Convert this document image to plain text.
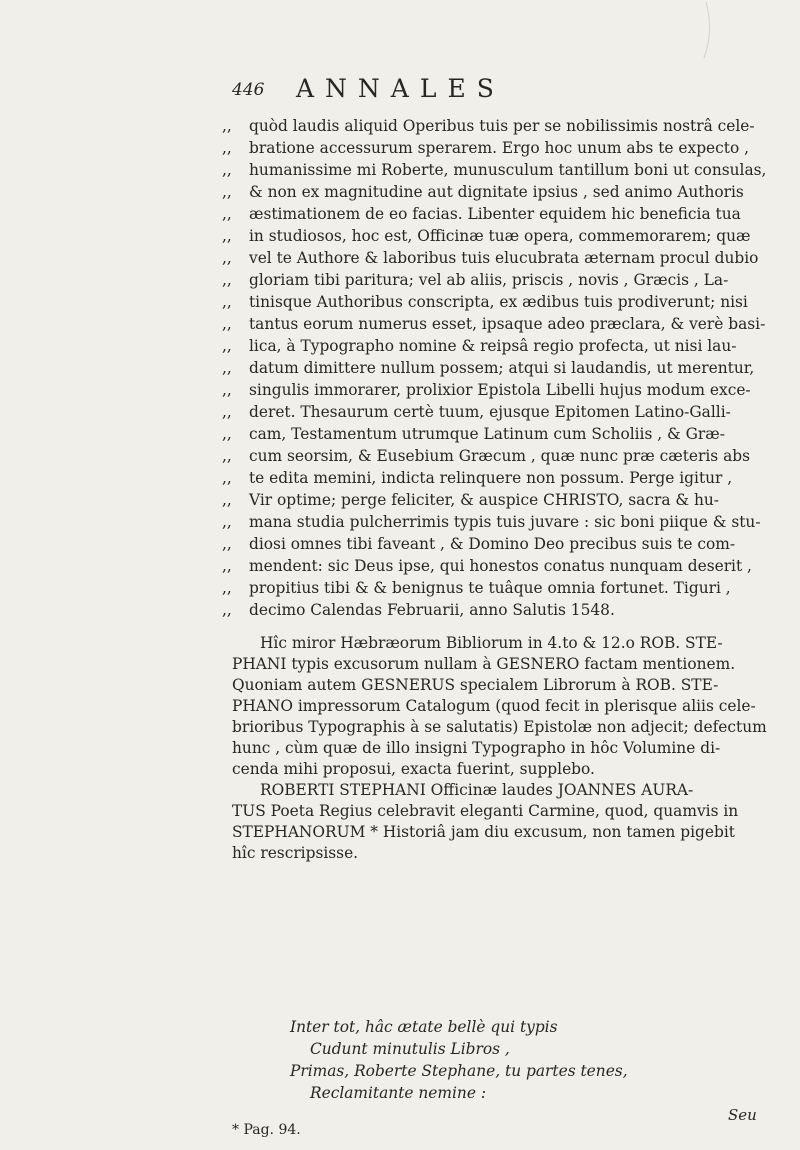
446 ANNALES
,,	quòd laudis aliquid Operibus tuis per se nobilissimis nostrâ cele-
,,	bratione accessurum sperarem. Ergo hoc unum abs te expecto ,
,,	humanissime mi Roberte, munusculum tantillum boni ut consulas,
,,	& non ex magnitudine aut dignitate ipsius , sed animo Authoris
,,	æstimationem de eo facias. Libenter equidem hic beneficia tua
,,	in studiosos, hoc est, Officinæ tuæ opera, commemorarem; quæ
,,	vel te Authore & laboribus tuis elucubrata æternam procul dubio
,,	gloriam tibi paritura; vel ab aliis, priscis , novis , Græcis , La-
,,	tinisque Authoribus conscripta, ex ædibus tuis prodiverunt; nisi
,,	tantus eorum numerus esset, ipsaque adeo præclara, & verè basi-
,,	lica, à Typographo nomine & reipsâ regio profecta, ut nisi lau-
,,	datum dimittere nullum possem; atqui si laudandis, ut merentur,
,,	singulis immorarer, prolixior Epistola Libelli hujus modum exce-
,,	deret. Thesaurum certè tuum, ejusque Epitomen Latino-Galli-
,,	cam, Testamentum utrumque Latinum cum Scholiis , & Græ-
,,	cum seorsim, & Eusebium Græcum , quæ nunc præ cæteris abs
,,	te edita memini, indicta relinquere non possum. Perge igitur ,
,,	Vir optime; perge feliciter, & auspice CHRISTO, sacra & hu-
,,	mana studia pulcherrimis typis tuis juvare : sic boni piique & stu-
,,	diosi omnes tibi faveant , & Domino Deo precibus suis te com-
,,	mendent: sic Deus ipse, qui honestos conatus nunquam deserit ,
,,	propitius tibi & & benignus te tuâque omnia fortunet. Tiguri ,
,,	decimo Calendas Februarii, anno Salutis 1548.
Hîc miror Hæbræorum Bibliorum in 4.to & 12.o ROB. STE-
PHANI typis excusorum nullam à GESNERO factam mentionem.
Quoniam autem GESNERUS specialem Librorum à ROB. STE-
PHANO impressorum Catalogum (quod fecit in plerisque aliis cele-
brioribus Typographis à se salutatis) Epistolæ non adjecit; defectum
hunc , cùm quæ de illo insigni Typographo in hôc Volumine di-
cenda mihi proposui, exacta fuerint, supplebo.
ROBERTI STEPHANI Officinæ laudes JOANNES AURA-
TUS Poeta Regius celebravit eleganti Carmine, quod, quamvis in
STEPHANORUM * Historiâ jam diu excusum, non tamen pigebit
hîc rescripsisse.
Inter tot, hâc ætate bellè qui typis
Cudunt minutulis Libros ,
Primas, Roberte Stephane, tu partes tenes,
Reclamitante nemine :
Seu
* Pag. 94.
